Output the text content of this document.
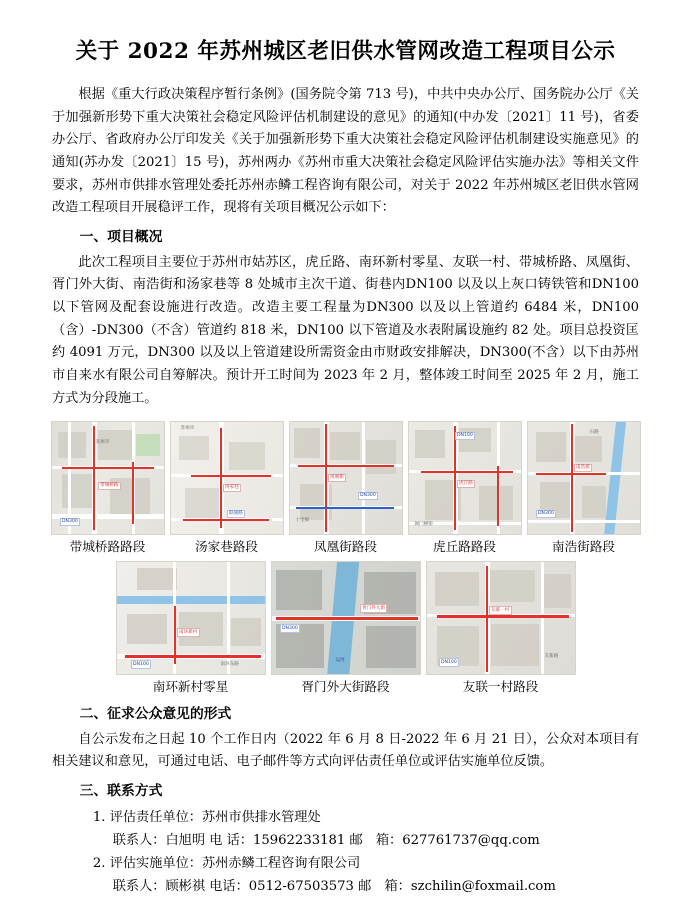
关于 2022 年苏州城区老旧供水管网改造工程项目公示

根据《重大行政决策程序暂行条例》(国务院令第 713 号)，中共中央办公厅、国务院办公厅《关于加强新形势下重大决策社会稳定风险评估机制建设的意见》的通知(中办发〔2021〕11 号)，省委办公厅、省政府办公厅印发关《关于加强新形势下重大决策社会稳定风险评估机制建设实施意见》的通知(苏办发〔2021〕15 号)，苏州两办《苏州市重大决策社会稳定风险评估实施办法》等相关文件要求，苏州市供排水管理处委托苏州赤鳞工程咨询有限公司，对关于 2022 年苏州城区老旧供水管网改造工程项目开展稳评工作，现将有关项目概况公示如下：

一、项目概况

此次工程项目主要位于苏州市姑苏区，虎丘路、南环新村零星、友联一村、带城桥路、凤凰街、胥门外大街、南浩街和汤家巷等 8 处城市主次干道、街巷内DN100 以及以上灰口铸铁管和DN100 以下管网及配套设施进行改造。改造主要工程量为DN300 以及以上管道约 6484 米，DN100（含）-DN300（不含）管道约 818 米，DN100 以下管道及水表附属设施约 82 处。项目总投资匡约 4091 万元，DN300 以及以上管道建设所需资金由市财政安排解决，DN300(不含）以下由苏州市自来水有限公司自筹解决。预计开工时间为 2023 年 2 月，整体竣工时间至 2025 年 2 月，施工方式为分段施工。

苏州市
带城桥路
DN300
带城桥路路段
汤家巷
联通路
苏州市
汤家巷路段
凤凰街
DN300
十全街
凤凰街路段
DN100
虎丘路
阊门横街
虎丘路路段
南浩街
DN300
石路
南浩街路段
南环新村
DN100	南环东路
南环新村零星
胥门外大街
DN300
运河
胥门外大街路段
友联一村
DN100
友新路
友联一村路段
二、征求公众意见的形式

自公示发布之日起 10 个工作日内（2022 年 6 月 8 日-2022 年 6 月 21 日），公众对本项目有相关建议和意见，可通过电话、电子邮件等方式向评估责任单位或评估实施单位反馈。

三、联系方式

1. 评估责任单位：苏州市供排水管理处

联系人：白旭明 电 话：15962233181 邮　箱：627761737@qq.com

2. 评估实施单位：苏州赤鳞工程咨询有限公司

联系人：顾彬祺 电话：0512-67503573 邮　箱：szchilin@foxmail.com
